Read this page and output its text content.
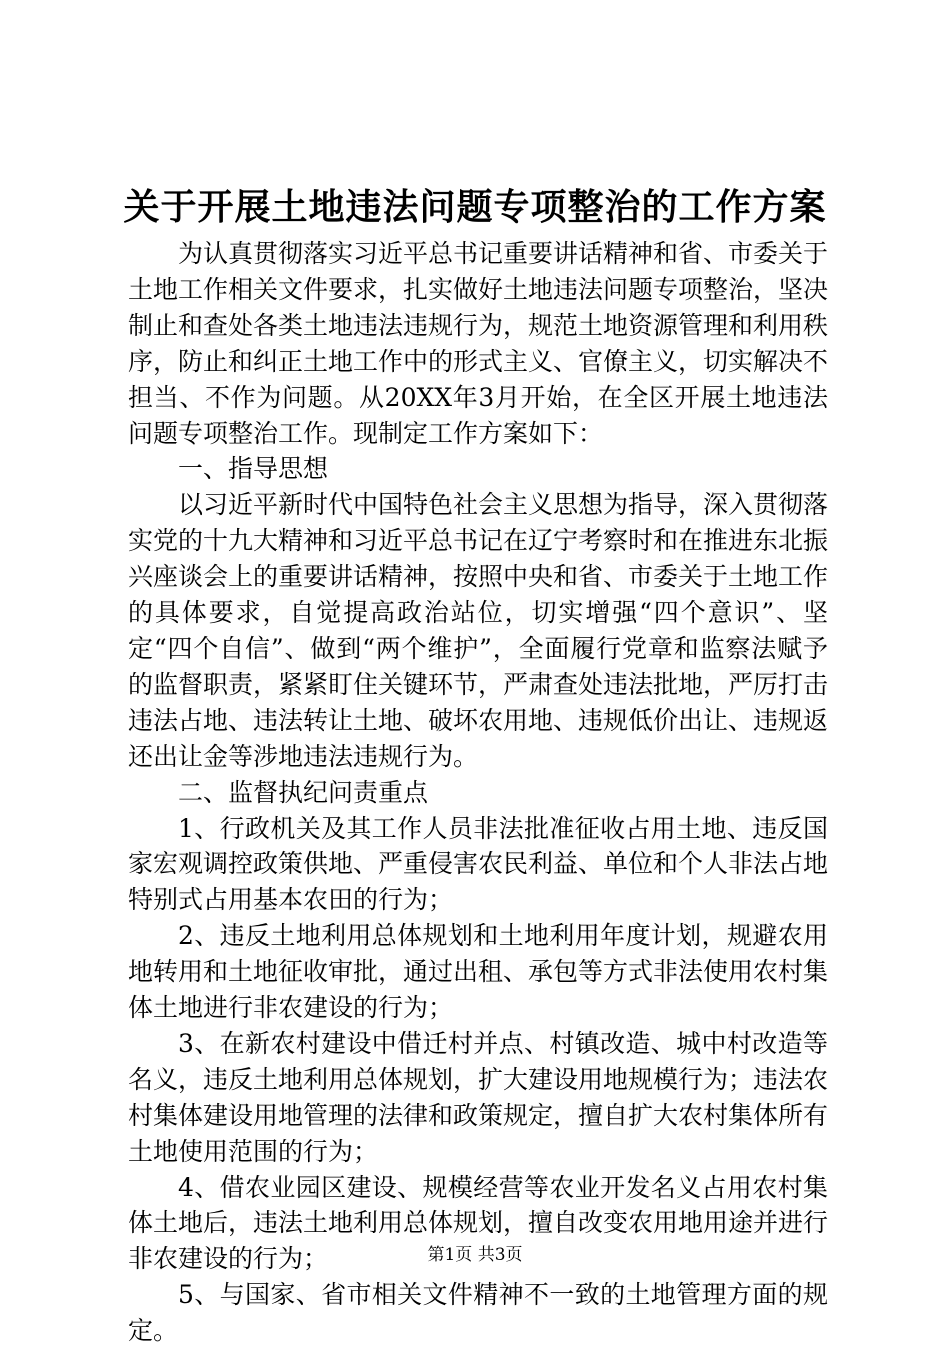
关于开展土地违法问题专项整治的工作方案

为认真贯彻落实习近平总书记重要讲话精神和省、市委关于土地工作相关文件要求，扎实做好土地违法问题专项整治，坚决制止和查处各类土地违法违规行为，规范土地资源管理和利用秩序，防止和纠正土地工作中的形式主义、官僚主义，切实解决不担当、不作为问题。从20XX年3月开始，在全区开展土地违法问题专项整治工作。现制定工作方案如下：

一、指导思想

以习近平新时代中国特色社会主义思想为指导，深入贯彻落实党的十九大精神和习近平总书记在辽宁考察时和在推进东北振兴座谈会上的重要讲话精神，按照中央和省、市委关于土地工作的具体要求，自觉提高政治站位，切实增强“四个意识”、坚定“四个自信”、做到“两个维护”，全面履行党章和监察法赋予的监督职责，紧紧盯住关键环节，严肃查处违法批地，严厉打击违法占地、违法转让土地、破坏农用地、违规低价出让、违规返还出让金等涉地违法违规行为。

二、监督执纪问责重点

1、行政机关及其工作人员非法批准征收占用土地、违反国家宏观调控政策供地、严重侵害农民利益、单位和个人非法占地特别式占用基本农田的行为；

2、违反土地利用总体规划和土地利用年度计划，规避农用地转用和土地征收审批，通过出租、承包等方式非法使用农村集体土地进行非农建设的行为；

3、在新农村建设中借迁村并点、村镇改造、城中村改造等名义，违反土地利用总体规划，扩大建设用地规模行为；违法农村集体建设用地管理的法律和政策规定，擅自扩大农村集体所有土地使用范围的行为；

4、借农业园区建设、规模经营等农业开发名义占用农村集体土地后，违法土地利用总体规划，擅自改变农用地用途并进行非农建设的行为；

5、与国家、省市相关文件精神不一致的土地管理方面的规定。

第1页 共3页
